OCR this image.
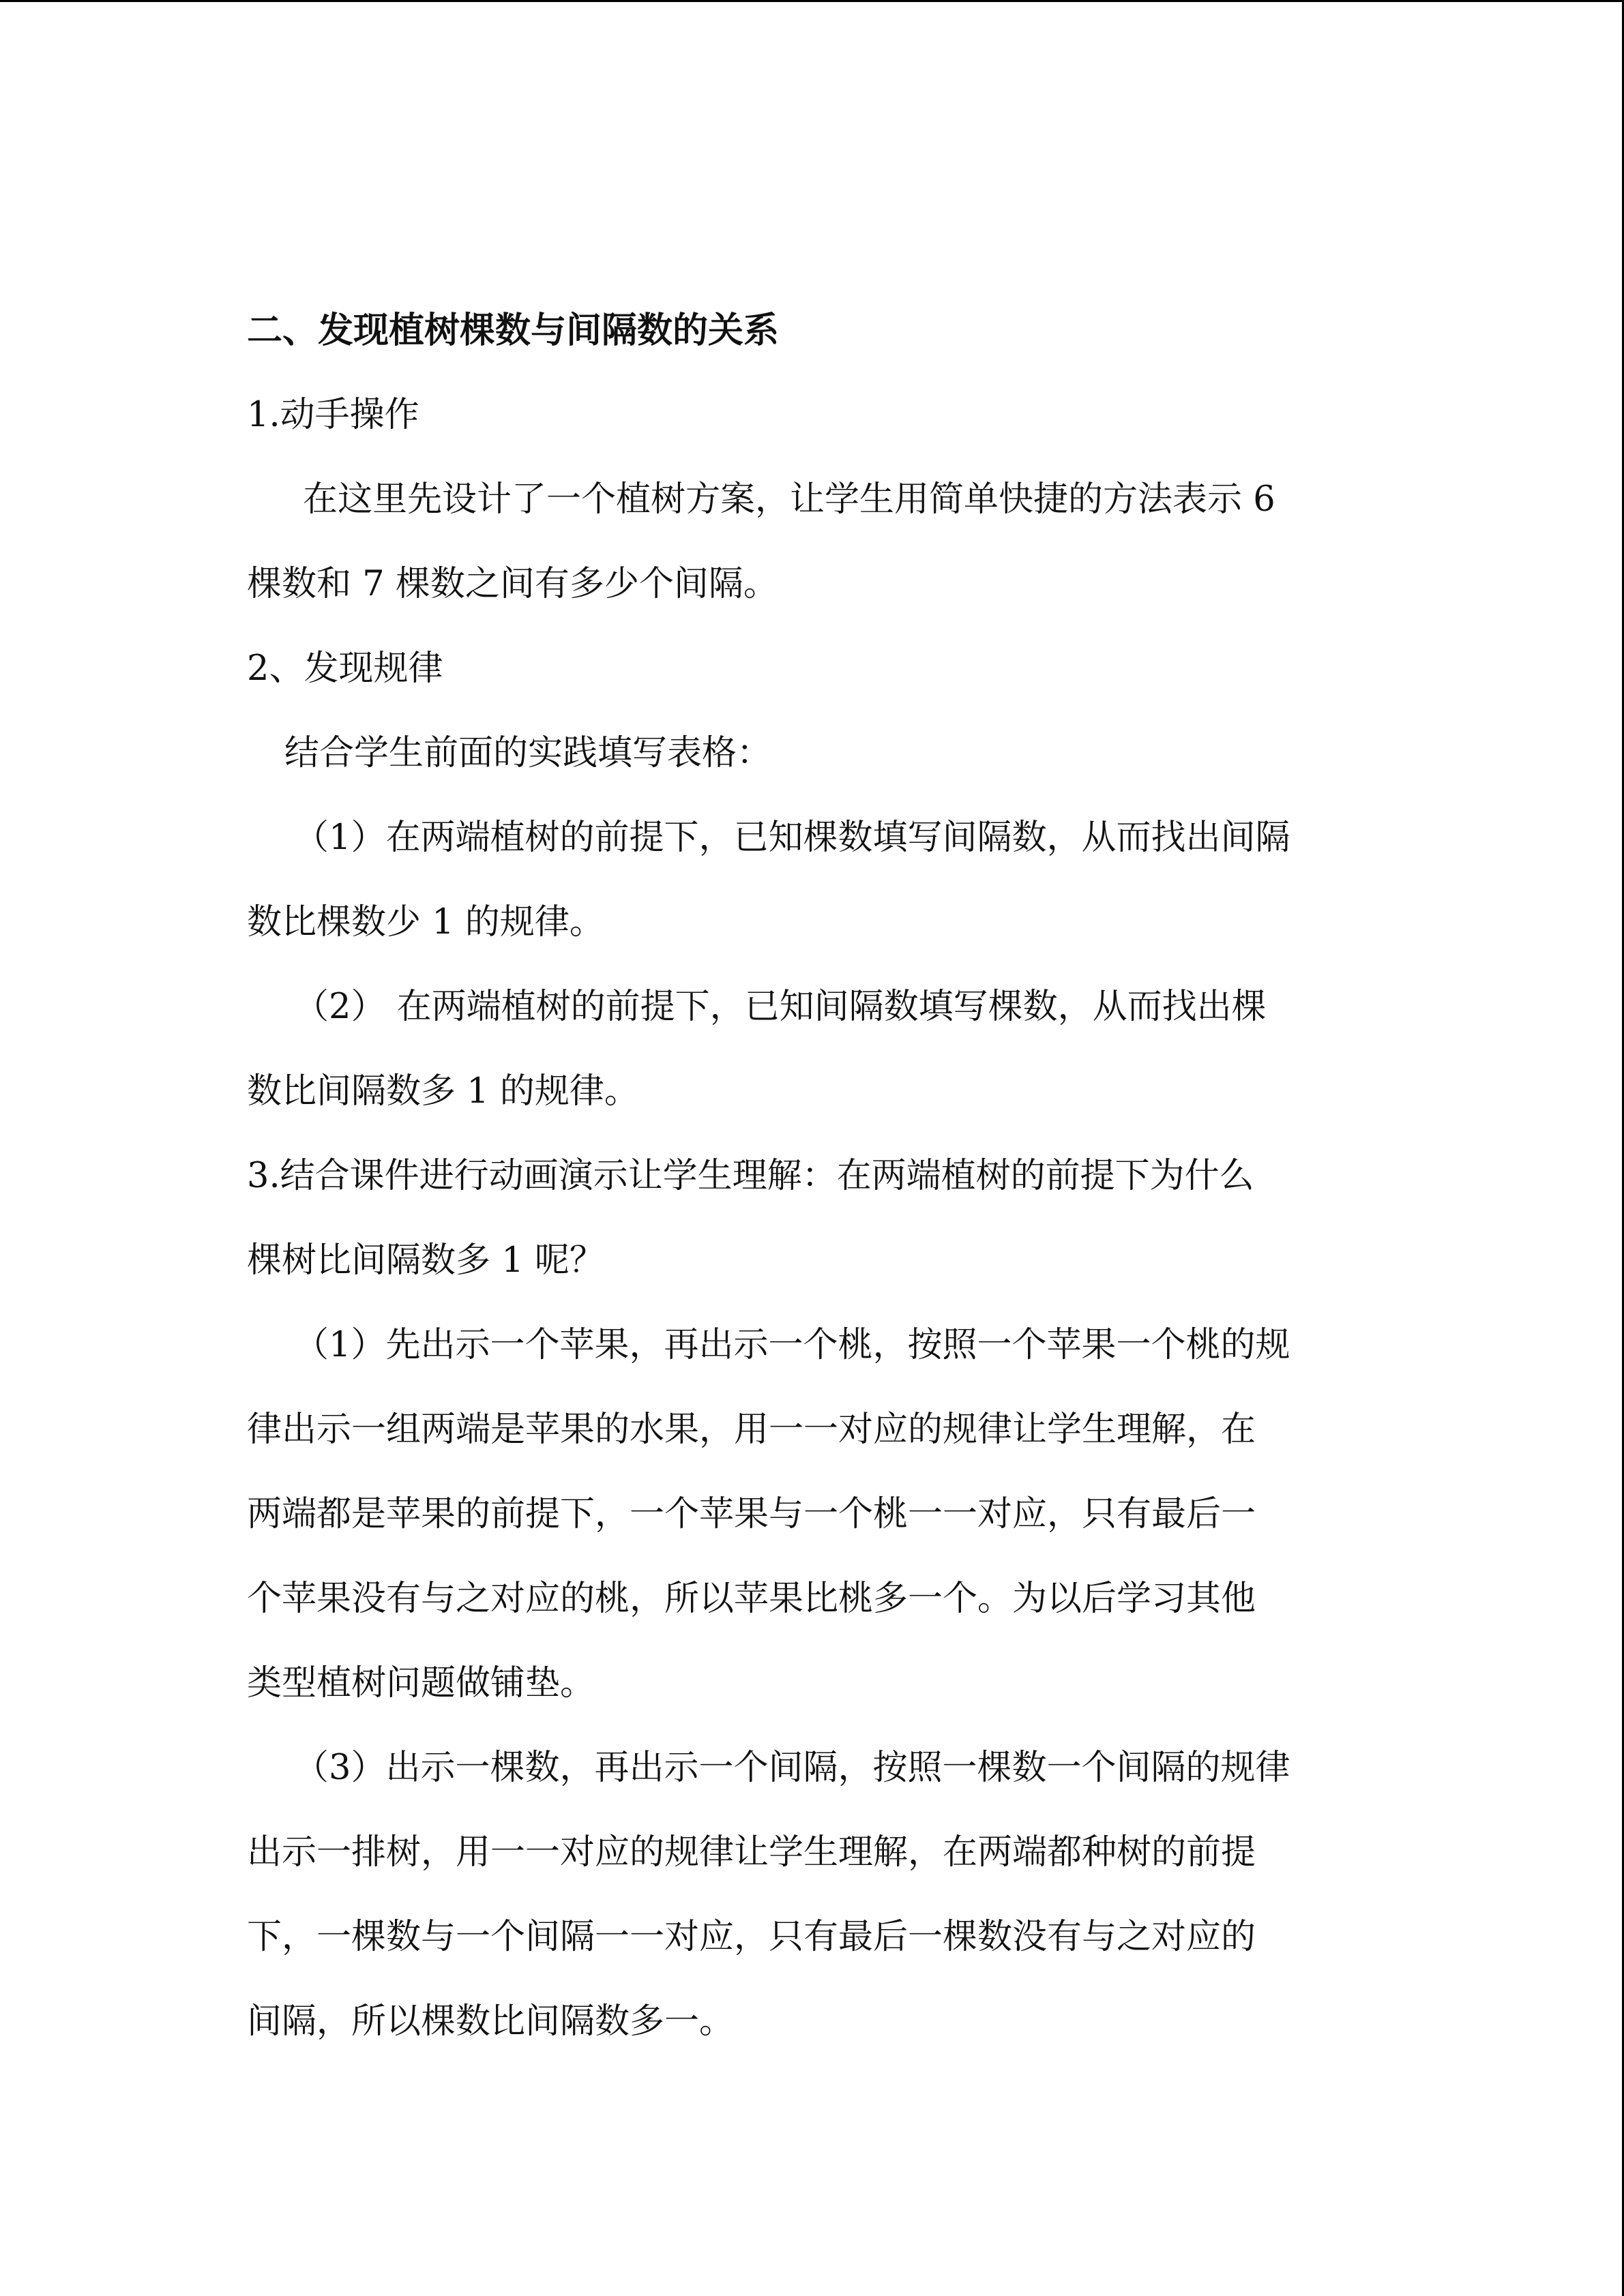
二、发现植树棵数与间隔数的关系

1.动手操作

在这里先设计了一个植树方案，让学生用简单快捷的方法表示 6

棵数和 7 棵数之间有多少个间隔。

2、发现规律

结合学生前面的实践填写表格：

（1）在两端植树的前提下，已知棵数填写间隔数，从而找出间隔

数比棵数少 1 的规律。

（2） 在两端植树的前提下，已知间隔数填写棵数，从而找出棵

数比间隔数多 1 的规律。

3.结合课件进行动画演示让学生理解：在两端植树的前提下为什么

棵树比间隔数多 1 呢？

（1）先出示一个苹果，再出示一个桃，按照一个苹果一个桃的规

律出示一组两端是苹果的水果，用一一对应的规律让学生理解，在

两端都是苹果的前提下，一个苹果与一个桃一一对应，只有最后一

个苹果没有与之对应的桃，所以苹果比桃多一个。为以后学习其他

类型植树问题做铺垫。

（3）出示一棵数，再出示一个间隔，按照一棵数一个间隔的规律

出示一排树，用一一对应的规律让学生理解，在两端都种树的前提

下，一棵数与一个间隔一一对应，只有最后一棵数没有与之对应的

间隔，所以棵数比间隔数多一。
